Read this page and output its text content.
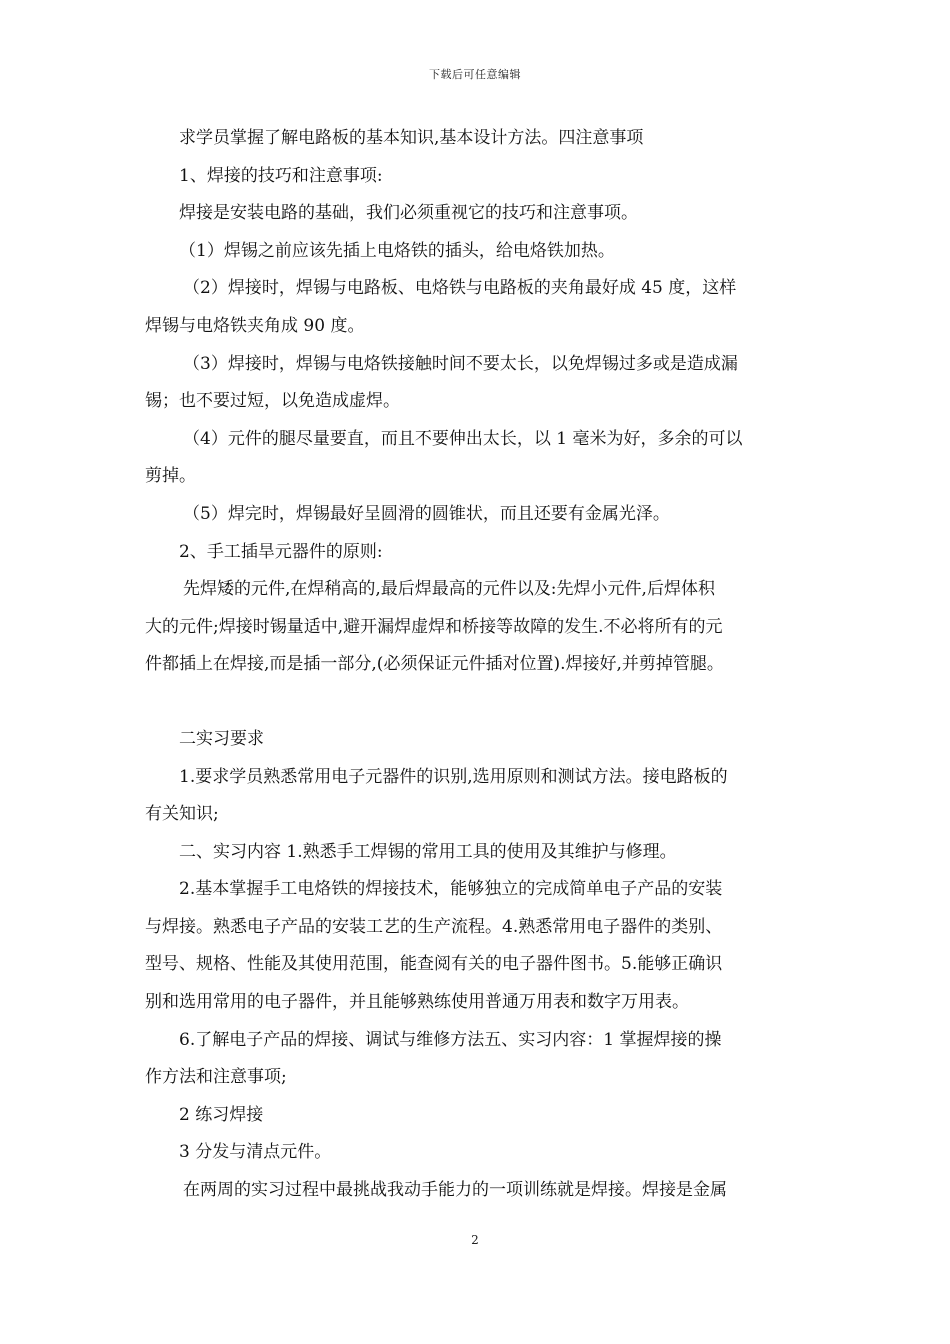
下载后可任意编辑

求学员掌握了解电路板的基本知识,基本设计方法。四注意事项

1、焊接的技巧和注意事项:

焊接是安装电路的基础，我们必须重视它的技巧和注意事项。

（1）焊锡之前应该先插上电烙铁的插头，给电烙铁加热。

（2）焊接时，焊锡与电路板、电烙铁与电路板的夹角最好成 45 度，这样

焊锡与电烙铁夹角成 90 度。

（3）焊接时，焊锡与电烙铁接触时间不要太长，以免焊锡过多或是造成漏

锡；也不要过短，以免造成虚焊。

（4）元件的腿尽量要直，而且不要伸出太长，以 1 毫米为好，多余的可以

剪掉。

（5）焊完时，焊锡最好呈圆滑的圆锥状，而且还要有金属光泽。

2、手工插旱元器件的原则:

先焊矮的元件,在焊稍高的,最后焊最高的元件以及:先焊小元件,后焊体积

大的元件;焊接时锡量适中,避开漏焊虚焊和桥接等故障的发生.不必将所有的元

件都插上在焊接,而是插一部分,(必须保证元件插对位置).焊接好,并剪掉管腿。

二实习要求

1.要求学员熟悉常用电子元器件的识别,选用原则和测试方法。接电路板的

有关知识;

二、实习内容 1.熟悉手工焊锡的常用工具的使用及其维护与修理。

2.基本掌握手工电烙铁的焊接技术，能够独立的完成简单电子产品的安装

与焊接。熟悉电子产品的安装工艺的生产流程。4.熟悉常用电子器件的类别、

型号、规格、性能及其使用范围，能查阅有关的电子器件图书。5.能够正确识

别和选用常用的电子器件，并且能够熟练使用普通万用表和数字万用表。

6.了解电子产品的焊接、调试与维修方法五、实习内容：1 掌握焊接的操

作方法和注意事项;

2 练习焊接

3 分发与清点元件。

在两周的实习过程中最挑战我动手能力的一项训练就是焊接。焊接是金属

2
